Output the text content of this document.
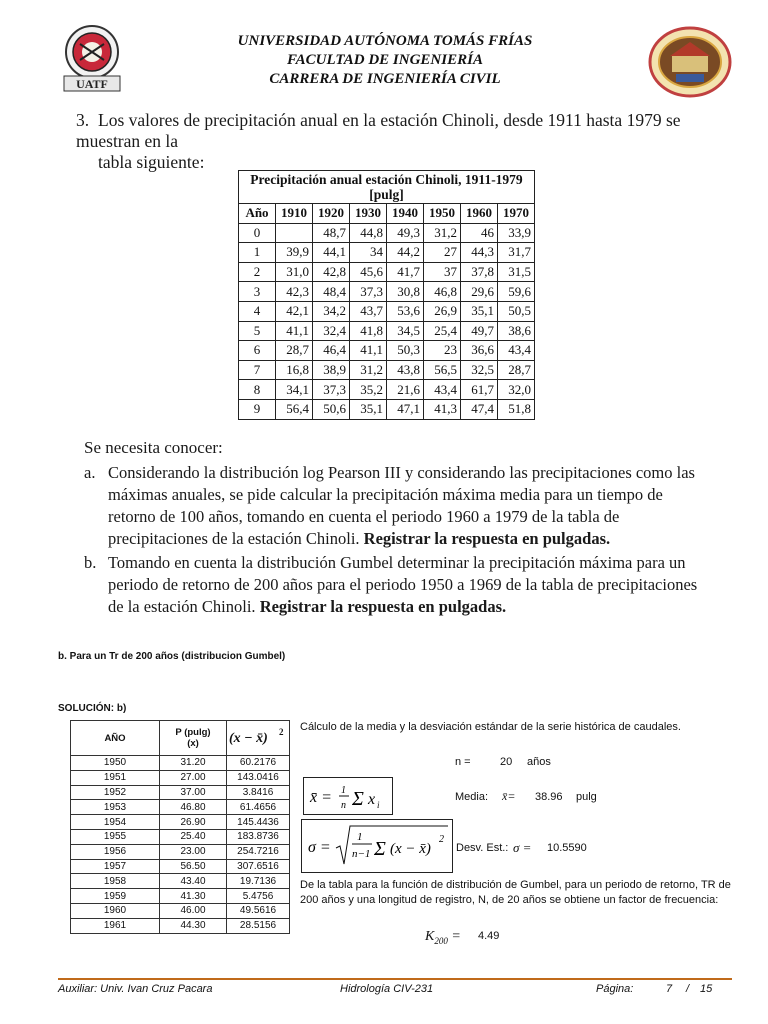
UATF
UNIVERSIDAD AUTÓNOMA TOMÁS FRÍAS
FACULTAD DE INGENIERÍA
CARRERA DE INGENIERÍA CIVIL
3. Los valores de precipitación anual en la estación Chinoli, desde 1911 hasta 1979 se muestran en la
tabla siguiente:
Precipitación anual estación Chinoli, 1911-1979
[pulg]							
Año	1910	1920	1930	1940	1950	1960	1970
0		48,7	44,8	49,3	31,2	46	33,9
1	39,9	44,1	34	44,2	27	44,3	31,7
2	31,0	42,8	45,6	41,7	37	37,8	31,5
3	42,3	48,4	37,3	30,8	46,8	29,6	59,6
4	42,1	34,2	43,7	53,6	26,9	35,1	50,5
5	41,1	32,4	41,8	34,5	25,4	49,7	38,6
6	28,7	46,4	41,1	50,3	23	36,6	43,4
7	16,8	38,9	31,2	43,8	56,5	32,5	28,7
8	34,1	37,3	35,2	21,6	43,4	61,7	32,0
9	56,4	50,6	35,1	47,1	41,3	47,4	51,8
Se necesita conocer:
a. Considerando la distribución log Pearson III y considerando las precipitaciones como las máximas anuales, se pide calcular la precipitación máxima media para un tiempo de retorno de 100 años, tomando en cuenta el periodo 1960 a 1979 de la tabla de precipitaciones de la estación Chinoli. Registrar la respuesta en pulgadas.
b. Tomando en cuenta la distribución Gumbel determinar la precipitación máxima para un periodo de retorno de 200 años para el periodo 1950 a 1969 de la tabla de precipitaciones de la estación Chinoli. Registrar la respuesta en pulgadas.
b. Para un Tr de 200 años (distribucion Gumbel)
SOLUCIÓN: b)
AÑO	P (pulg)
(x)	(x − x̄) 2

1950	31.20	60.2176
1951	27.00	143.0416
1952	37.00	3.8416
1953	46.80	61.4656
1954	26.90	145.4436
1955	25.40	183.8736
1956	23.00	254.7216
1957	56.50	307.6516
1958	43.40	19.7136
1959	41.30	5.4756
1960	46.00	49.5616
1961	44.30	28.5156
Cálculo de la media y la desviación estándar de la serie histórica de caudales.
n =	20 años
x̄ = 1
n Σ x i
Media: x̄= 38.96 pulg
σ =
1
n−1 Σ (x − x̄)
2
Desv. Est.: σ = 10.5590
De la tabla para la función de distribución de Gumbel, para un periodo de retorno, TR de 200 años y una longitud de registro, N, de 20 años se obtiene un factor de frecuencia:
$K_{200} = 4.49$
Auxiliar: Univ. Ivan Cruz Pacara	Hidrología CIV-231	Página:	7 / 15
